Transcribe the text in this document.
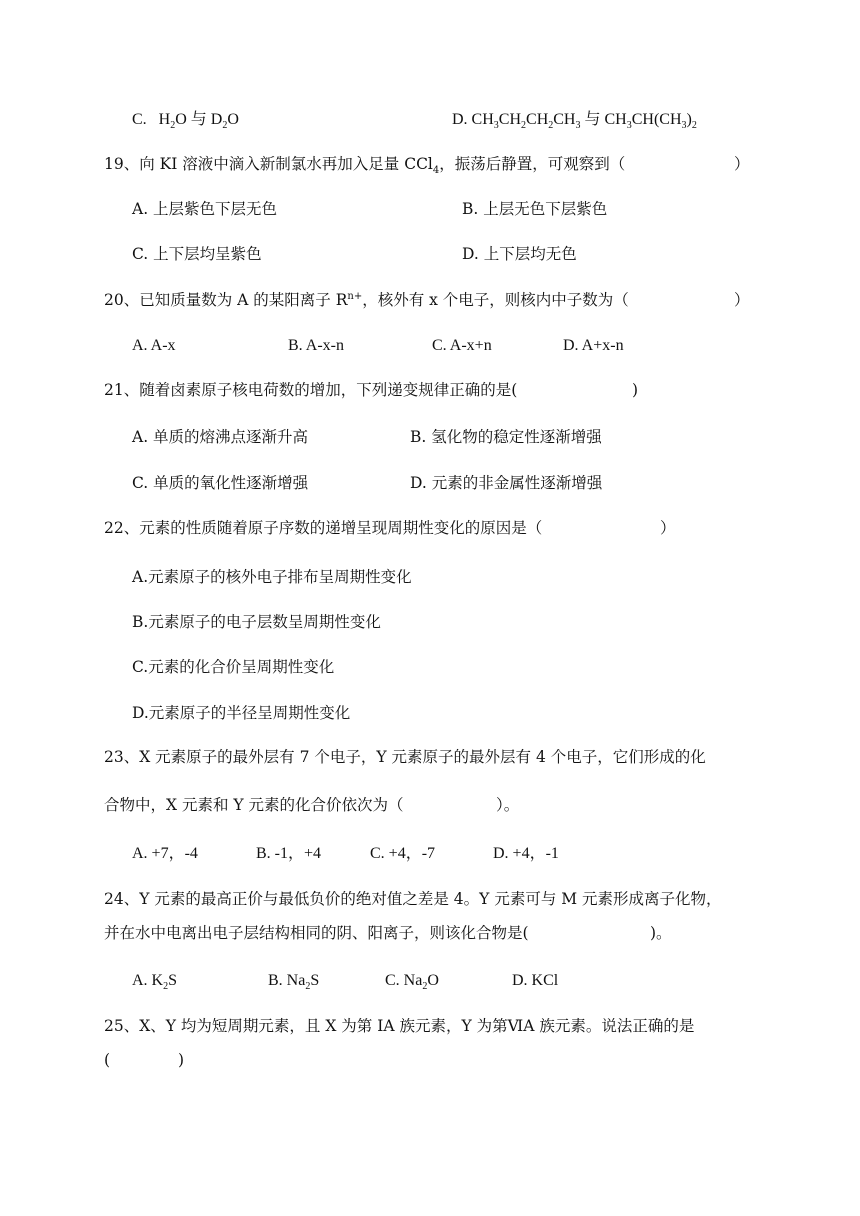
C. $H_2O$ 与 $D_2O$	D. $CH_3CH_2CH_2CH_3$ 与 $CH_3CH(CH_3)_2$
19、向 KI 溶液中滴入新制氯水再加入足量 CCl$_4$，振荡后静置，可观察到（	）
A. 上层紫色下层无色	B. 上层无色下层紫色
C. 上下层均呈紫色	D. 上下层均无色
20、已知质量数为 A 的某阳离子 $R^{n+}$，核外有 x 个电子，则核内中子数为（	）
A. A-x	B. A-x-n	C. A-x+n	D. A+x-n
21、随着卤素原子核电荷数的增加，下列递变规律正确的是(	)
A. 单质的熔沸点逐渐升高	B. 氢化物的稳定性逐渐增强
C. 单质的氧化性逐渐增强	D. 元素的非金属性逐渐增强
22、元素的性质随着原子序数的递增呈现周期性变化的原因是（	）
A.元素原子的核外电子排布呈周期性变化
B.元素原子的电子层数呈周期性变化
C.元素的化合价呈周期性变化
D.元素原子的半径呈周期性变化
23、X 元素原子的最外层有 7 个电子，Y 元素原子的最外层有 4 个电子，它们形成的化
合物中，X 元素和 Y 元素的化合价依次为（	）。
A. +7，-4	B. -1，+4	C. +4，-7	D. +4，-1
24、Y 元素的最高正价与最低负价的绝对值之差是 4。Y 元素可与 M 元素形成离子化物，
并在水中电离出电子层结构相同的阴、阳离子，则该化合物是(	)。
A. $K_2S$	B. $Na_2S$	C. $Na_2O$	D. KCl
25、X、Y 均为短周期元素，且 X 为第 IA 族元素，Y 为第ⅥA 族元素。说法正确的是
(	)
